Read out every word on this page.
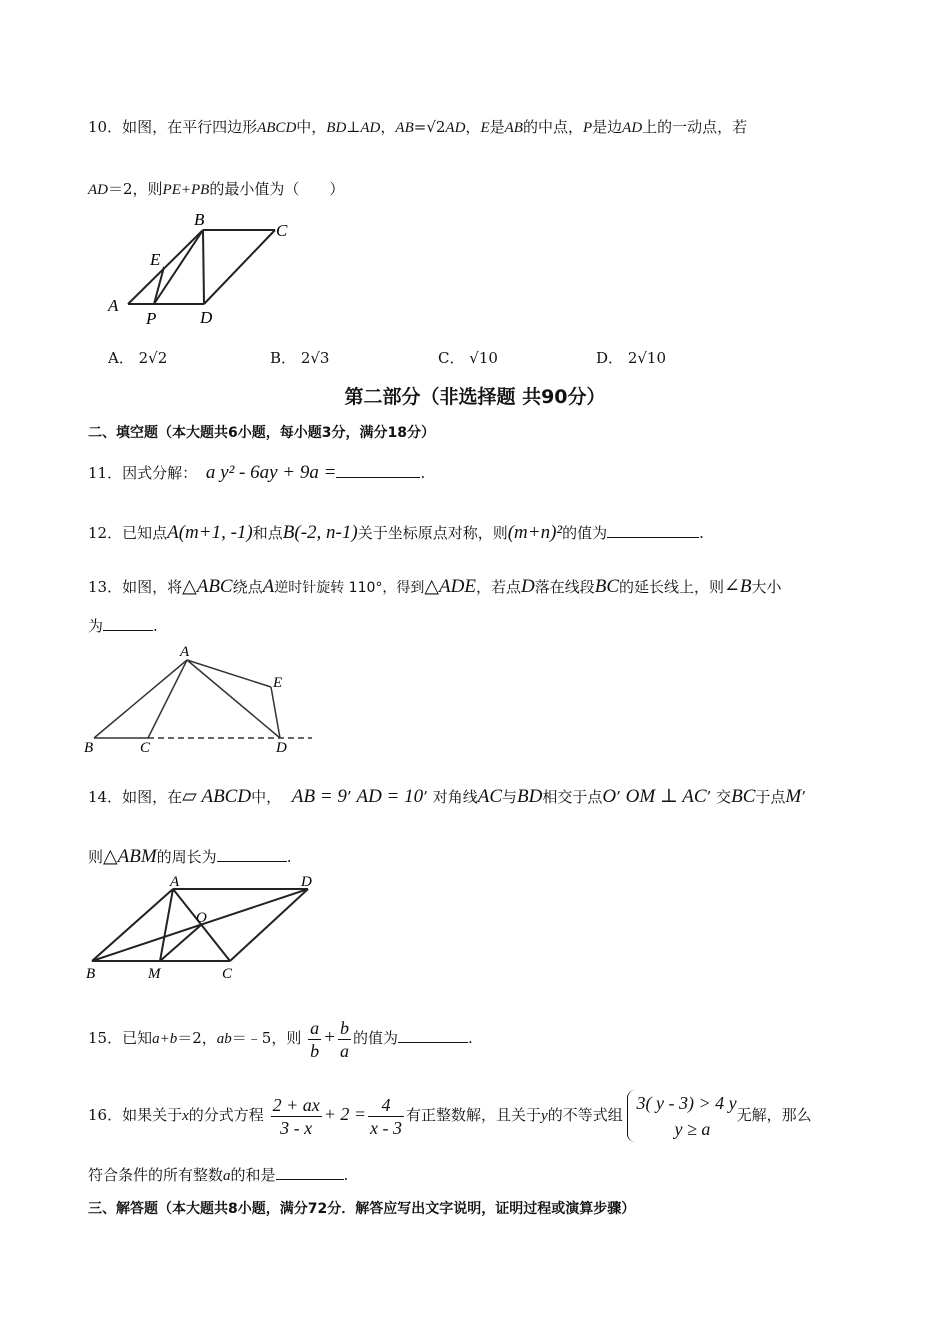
10．如图，在平行四边形ABCD中，BD⊥AD，AB=√2AD，E是AB的中点，P是边AD上的一动点，若
AD＝2，则PE+PB的最小值为（　　）
A
B
C
D
E
P
A． 2√2	B． 2√3	C． √10	D． 2√10
第二部分（非选择题 共90分）
二、填空题（本大题共6小题，每小题3分，满分18分）
11．因式分解： a y² - 6ay + 9a =	.
12．已知点A(m+1, -1)和点B(-2, n-1)关于坐标原点对称，则(m+n)²的值为	.
13．如图，将△ABC绕点A逆时针旋转 110°，得到△ADE，若点D落在线段BC的延长线上，则∠B大小
为	.
A
B	C	D
E
14．如图，在▱ ABCD中， AB = 9’ AD = 10’ 对角线AC与BD相交于点O’ OM ⊥ AC’ 交BC于点M’
则△ABM的周长为	.
A
B	C
D
M
O
15．已知a+b＝2，ab＝﹣5，则 $\frac{a}{b} + \frac{b}{a}$ 的值为	.
16．如果关于x的分式方程 $\frac{2 + ax}{3 - x} + 2 = \frac{4}{x - 3}$ 有正整数解，且关于y的不等式组
3( y - 3) > 4 y
y ≥ a
无解，那么
符合条件的所有整数a的和是	.
三、解答题（本大题共8小题，满分72分．解答应写出文字说明，证明过程或演算步骤）
